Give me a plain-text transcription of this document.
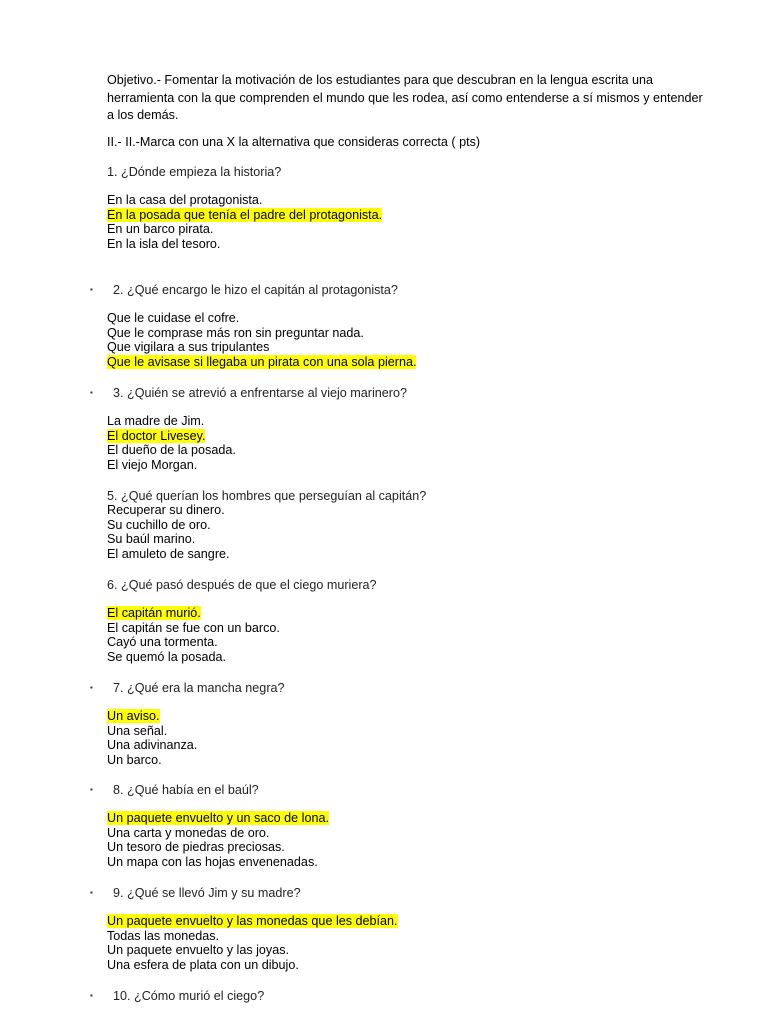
Objetivo.- Fomentar la motivación de los estudiantes para que descubran en la lengua escrita una herramienta con la que comprenden el mundo que les rodea, así como entenderse a sí mismos y entender a los demás.
II.- II.-Marca con una X la alternativa que consideras correcta ( pts)
1. ¿Dónde empieza la historia?
En la casa del protagonista.
En la posada que tenía el padre del protagonista.
En un barco pirata.
En la isla del tesoro.
▪ 2. ¿Qué encargo le hizo el capitán al protagonista?
Que le cuidase el cofre.
Que le comprase más ron sin preguntar nada.
Que vigilara a sus tripulantes
Que le avisase si llegaba un pirata con una sola pierna.
▪ 3. ¿Quién se atrevió a enfrentarse al viejo marinero?
La madre de Jim.
El doctor Livesey.
El dueño de la posada.
El viejo Morgan.
5. ¿Qué querían los hombres que perseguían al capitán?
Recuperar su dinero.
Su cuchillo de oro.
Su baúl marino.
El amuleto de sangre.
6. ¿Qué pasó después de que el ciego muriera?
El capitán murió.
El capitán se fue con un barco.
Cayó una tormenta.
Se quemó la posada.
▪ 7. ¿Qué era la mancha negra?
Un aviso.
Una señal.
Una adivinanza.
Un barco.
▪ 8. ¿Qué había en el baúl?
Un paquete envuelto y un saco de lona.
Una carta y monedas de oro.
Un tesoro de piedras preciosas.
Un mapa con las hojas envenenadas.
▪ 9. ¿Qué se llevó Jim y su madre?
Un paquete envuelto y las monedas que les debían.
Todas las monedas.
Un paquete envuelto y las joyas.
Una esfera de plata con un dibujo.
▪ 10. ¿Cómo murió el ciego?
